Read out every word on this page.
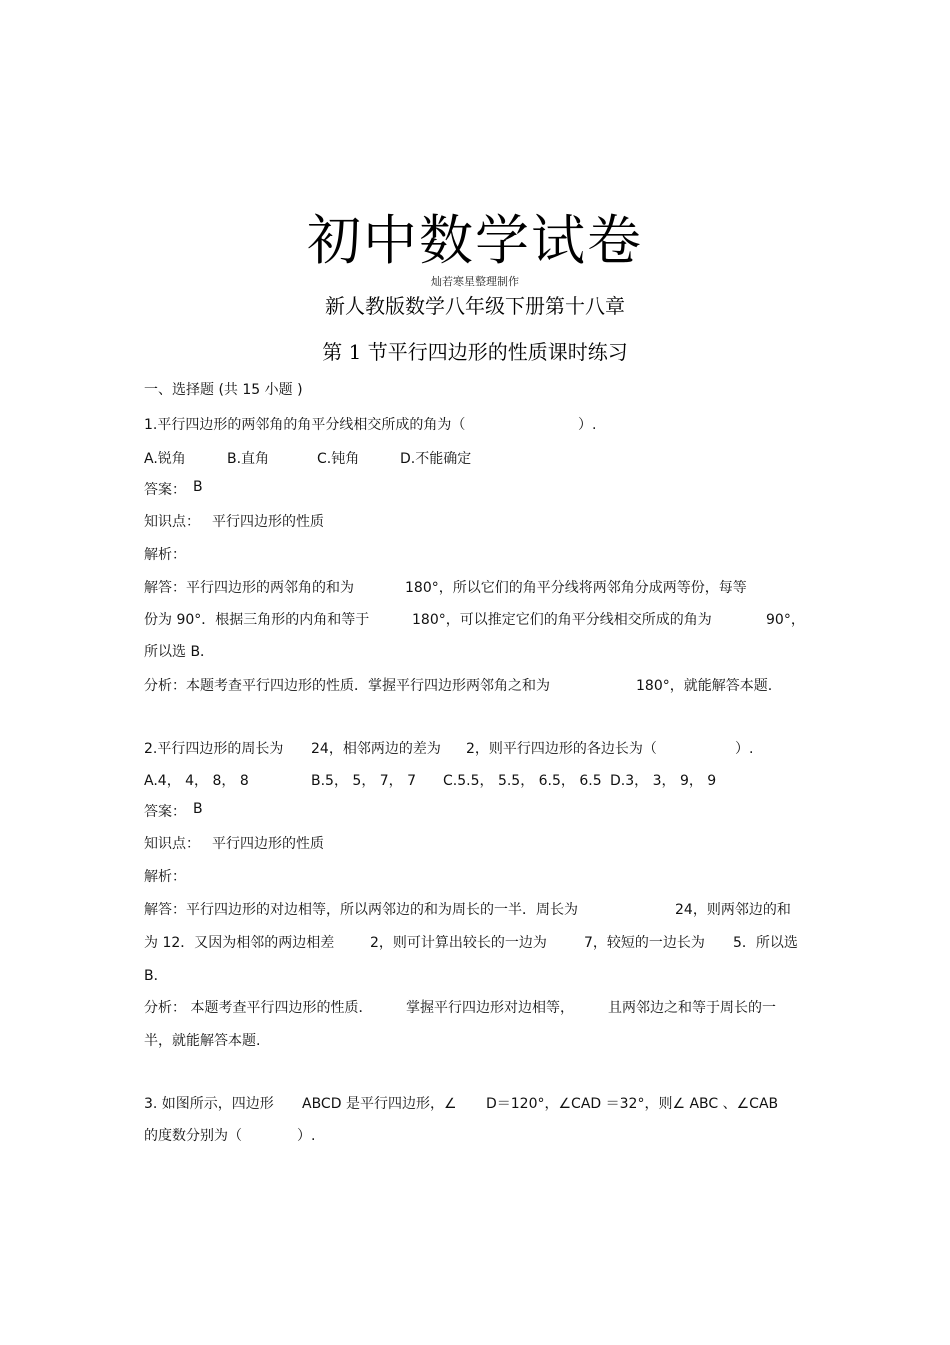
初中数学试卷
灿若寒星整理制作
新人教版数学八年级下册第十八章
第 1 节平行四边形的性质课时练习
一、选择题 (共 15 小题 )
1.平行四边形的两邻角的角平分线相交所成的角为（	）.
A.锐角	B.直角	C.钝角	D.不能确定
答案： B
知识点： 平行四边形的性质
解析：
解答：平行四边形的两邻角的和为	180°，所以它们的角平分线将两邻角分成两等份，每等
份为 90°．根据三角形的内角和等于	180°，可以推定它们的角平分线相交所成的角为	90°，
所以选 B．
分析：本题考查平行四边形的性质．掌握平行四边形两邻角之和为	180°，就能解答本题.
2.平行四边形的周长为 24，相邻两边的差为 2，则平行四边形的各边长为（	）.
A.4， 4， 8， 8	B.5， 5， 7， 7 C.5.5， 5.5， 6.5， 6.5 D.3， 3， 9， 9
答案： B
知识点： 平行四边形的性质
解析：
解答：平行四边形的对边相等，所以两邻边的和为周长的一半．周长为	24，则两邻边的和
为 12．又因为相邻的两边相差	2，则可计算出较长的一边为	7，较短的一边长为 5．所以选
B．
分析： 本题考查平行四边形的性质． 掌握平行四边形对边相等， 且两邻边之和等于周长的一
半，就能解答本题.
3. 如图所示，四边形 ABCD 是平行四边形，∠ D＝120°，∠CAD ＝32°，则∠ ABC 、∠CAB
的度数分别为（	）.
